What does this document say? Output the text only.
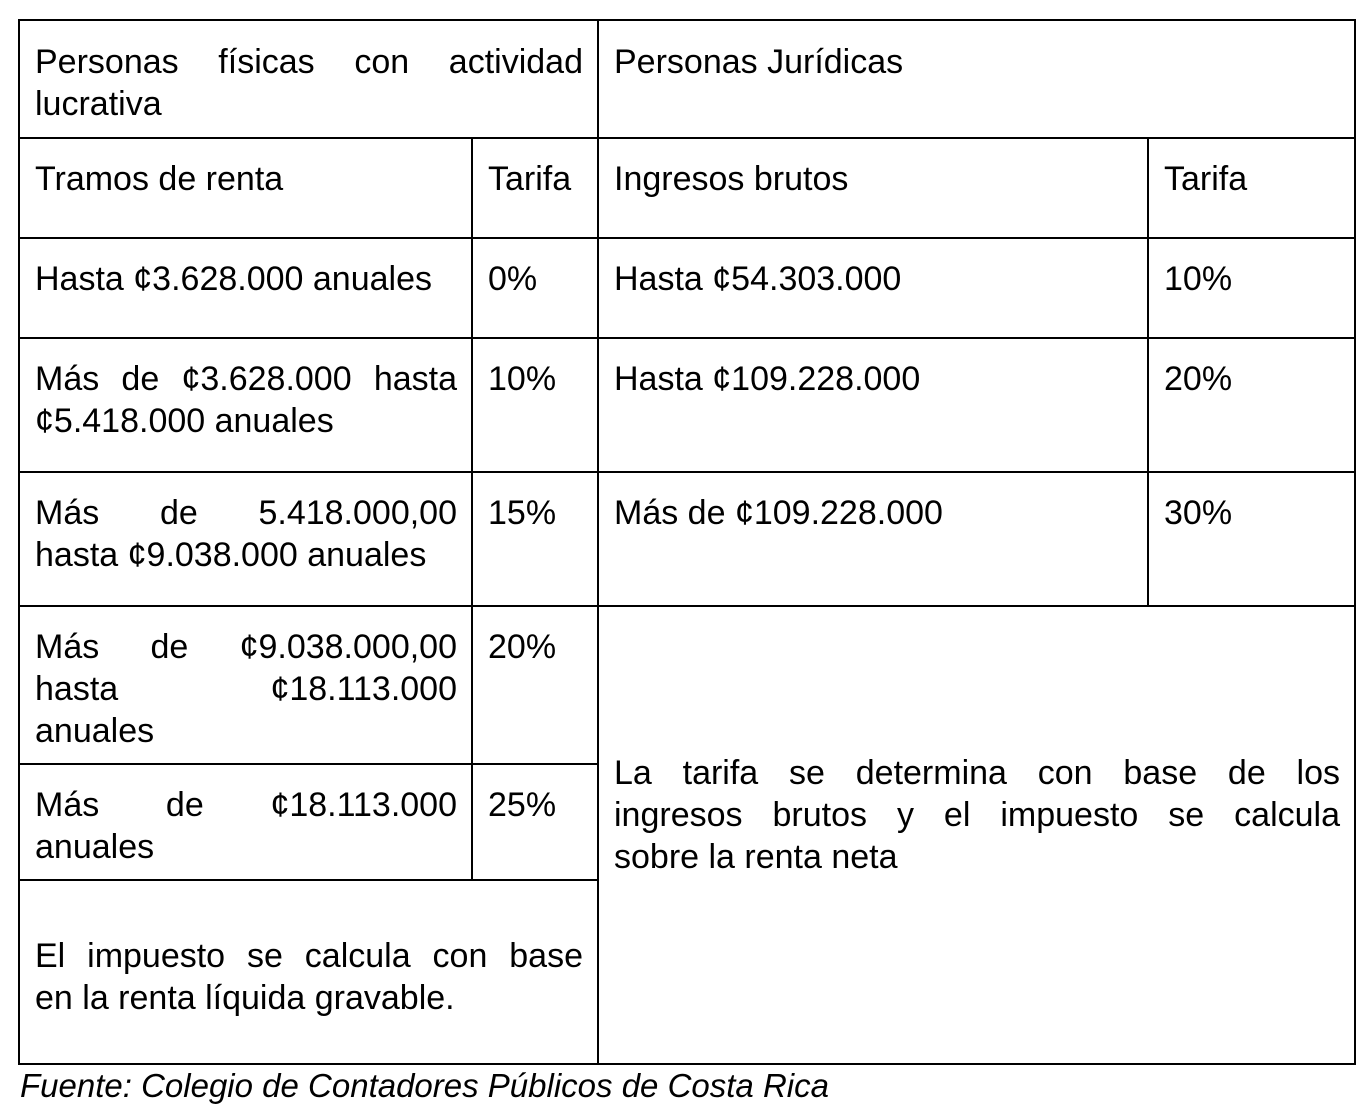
Personas físicas con actividad
lucrativa		Personas Jurídicas	
Tramos de renta	Tarifa	Ingresos brutos	Tarifa
Hasta ¢3.628.000 anuales	0%	Hasta ¢54.303.000	10%

Más de ¢3.628.000 hasta
¢5.418.000 anuales	10%	Hasta ¢109.228.000	20%

Más de 5.418.000,00
hasta ¢9.038.000 anuales	15%	Más de ¢109.228.000	30%

Más de ¢9.038.000,00
hasta ¢18.113.000
anuales	20%	La tarifa se determina con base de los
ingresos brutos y el impuesto se calcula
sobre la renta neta	

Más de ¢18.113.000
anuales	25%		

El impuesto se calcula con base
en la renta líquida gravable.			
Fuente: Colegio de Contadores Públicos de Costa Rica
